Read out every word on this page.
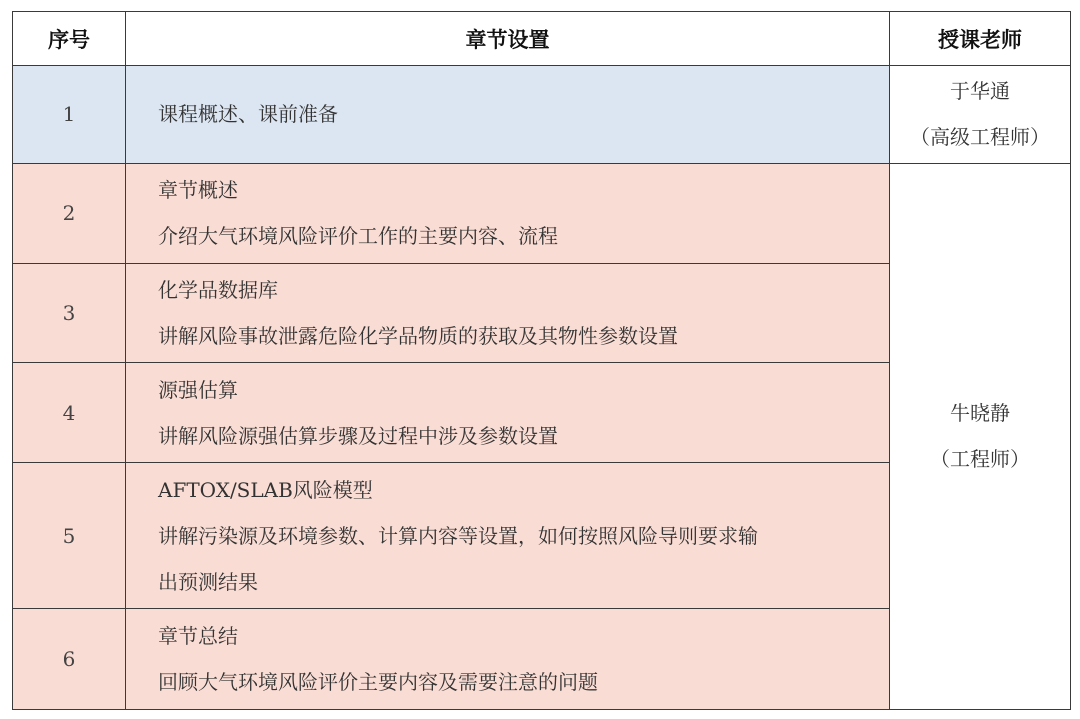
序号	章节设置	授课老师
1	课程概述、课前准备	于华通
（高级工程师）

2	章节概述
介绍大气环境风险评价工作的主要内容、流程	牛晓静
（工程师）

3	化学品数据库
讲解风险事故泄露危险化学品物质的获取及其物性参数设置	

4	源强估算
讲解风险源强估算步骤及过程中涉及参数设置	

5	AFTOX/SLAB风险模型
讲解污染源及环境参数、计算内容等设置，如何按照风险导则要求输
出预测结果	

6	章节总结
回顾大气环境风险评价主要内容及需要注意的问题	
